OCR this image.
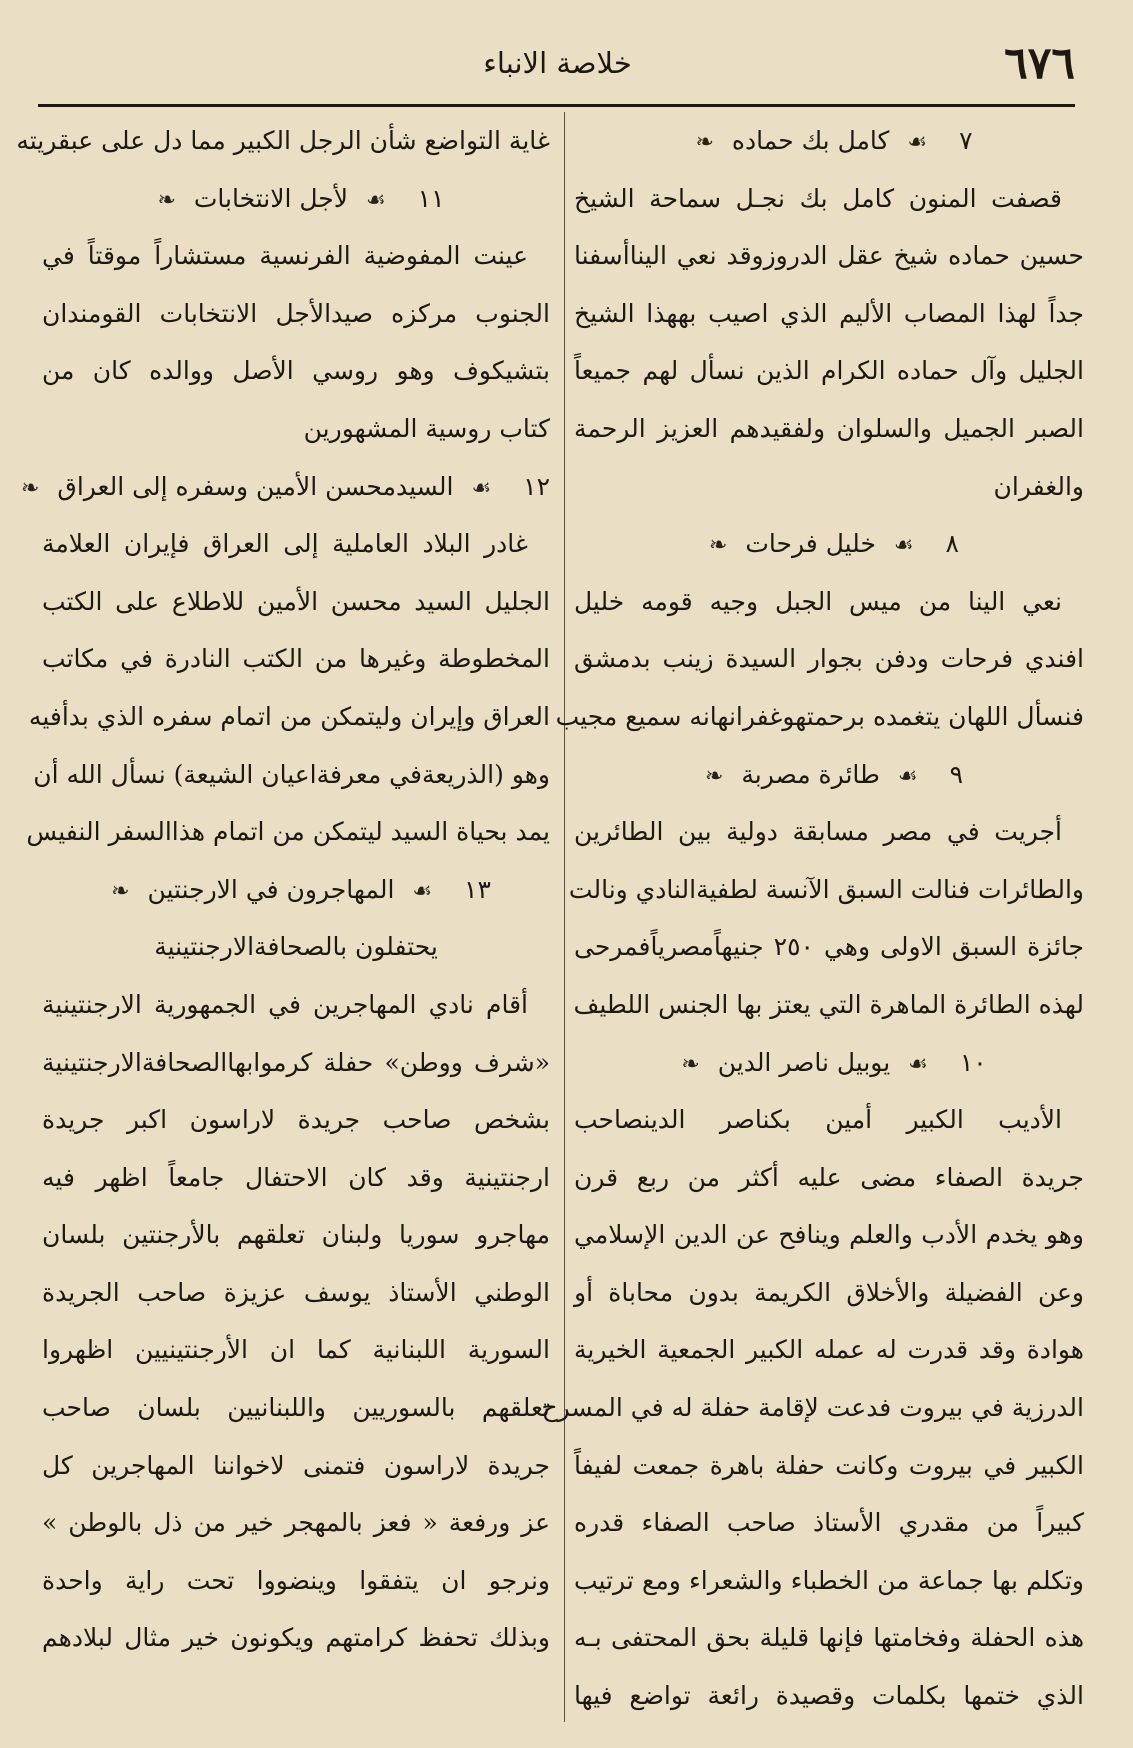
٦٧٦
خلاصة الانباء
٧ ☙ كامل بك حماده ❧
قصفت المنون كامل بك نجـل سماحة الشيخ
حسين حماده شيخ عقل الدروزوقد نعي اليناأسفنا
جداً لهذا المصاب الأليم الذي اصيب بههذا الشيخ
الجليل وآل حماده الكرام الذين نسأل لهم جميعاً
الصبر الجميل والسلوان ولفقيدهم العزيز الرحمة
والغفران
٨ ☙ خليل فرحات ❧
نعي الينا من ميس الجبل وجيه قومه خليل
افندي فرحات ودفن بجوار السيدة زينب بدمشق
فنسأل اللهان يتغمده برحمتهوغفرانهانه سميع مجيب
٩ ☙ طائرة مصربة ❧
أجريت في مصر مسابقة دولية بين الطائرين
والطائرات فنالت السبق الآنسة لطفيةالنادي ونالت
جائزة السبق الاولى وهي ٢٥٠ جنيهاًمصرياًفمرحى
لهذه الطائرة الماهرة التي يعتز بها الجنس اللطيف
١٠ ☙ يوبيل ناصر الدين ❧
الأديب الكبير أمين بكناصر الدينصاحب
جريدة الصفاء مضى عليه أكثر من ربع قرن
وهو يخدم الأدب والعلم وينافح عن الدين الإسلامي
وعن الفضيلة والأخلاق الكريمة بدون محاباة أو
هوادة وقد قدرت له عمله الكبير الجمعية الخيرية
الدرزية في بيروت فدعت لإقامة حفلة له في المسرح
الكبير في بيروت وكانت حفلة باهرة جمعت لفيفاً
كبيراً من مقدري الأستاذ صاحب الصفاء قدره
وتكلم بها جماعة من الخطباء والشعراء ومع ترتيب
هذه الحفلة وفخامتها فإنها قليلة بحق المحتفى بـه
الذي ختمها بكلمات وقصيدة رائعة تواضع فيها
غاية التواضع شأن الرجل الكبير مما دل على عبقريته
١١ ☙ لأجل الانتخابات ❧
عينت المفوضية الفرنسية مستشاراً موقتاً في
الجنوب مركزه صيدالأجل الانتخابات القومندان
بتشيكوف وهو روسي الأصل ووالده كان من
كتاب روسية المشهورين
١٢ ☙ السيدمحسن الأمين وسفره إلى العراق ❧
غادر البلاد العاملية إلى العراق فإيران العلامة
الجليل السيد محسن الأمين للاطلاع على الكتب
المخطوطة وغيرها من الكتب النادرة في مكاتب
العراق وإيران وليتمكن من اتمام سفره الذي بدأفيه
وهو (الذريعةفي معرفةاعيان الشيعة) نسأل الله أن
يمد بحياة السيد ليتمكن من اتمام هذاالسفر النفيس
١٣ ☙ المهاجرون في الارجنتين ❧
يحتفلون بالصحافةالارجنتينية
أقام نادي المهاجرين في الجمهورية الارجنتينية
«شرف ووطن» حفلة كرموابهاالصحافةالارجنتينية
بشخص صاحب جريدة لاراسون اكبر جريدة
ارجنتينية وقد كان الاحتفال جامعاً اظهر فيه
مهاجرو سوريا ولبنان تعلقهم بالأرجنتين بلسان
الوطني الأستاذ يوسف عزيزة صاحب الجريدة
السورية اللبنانية كما ان الأرجنتينيين اظهروا
تعلقهم بالسوريين واللبنانيين بلسان صاحب
جريدة لاراسون فتمنى لاخواننا المهاجرين كل
عز ورفعة « فعز بالمهجر خير من ذل بالوطن »
ونرجو ان يتفقوا وينضووا تحت راية واحدة
وبذلك تحفظ كرامتهم ويكونون خير مثال لبلادهم
